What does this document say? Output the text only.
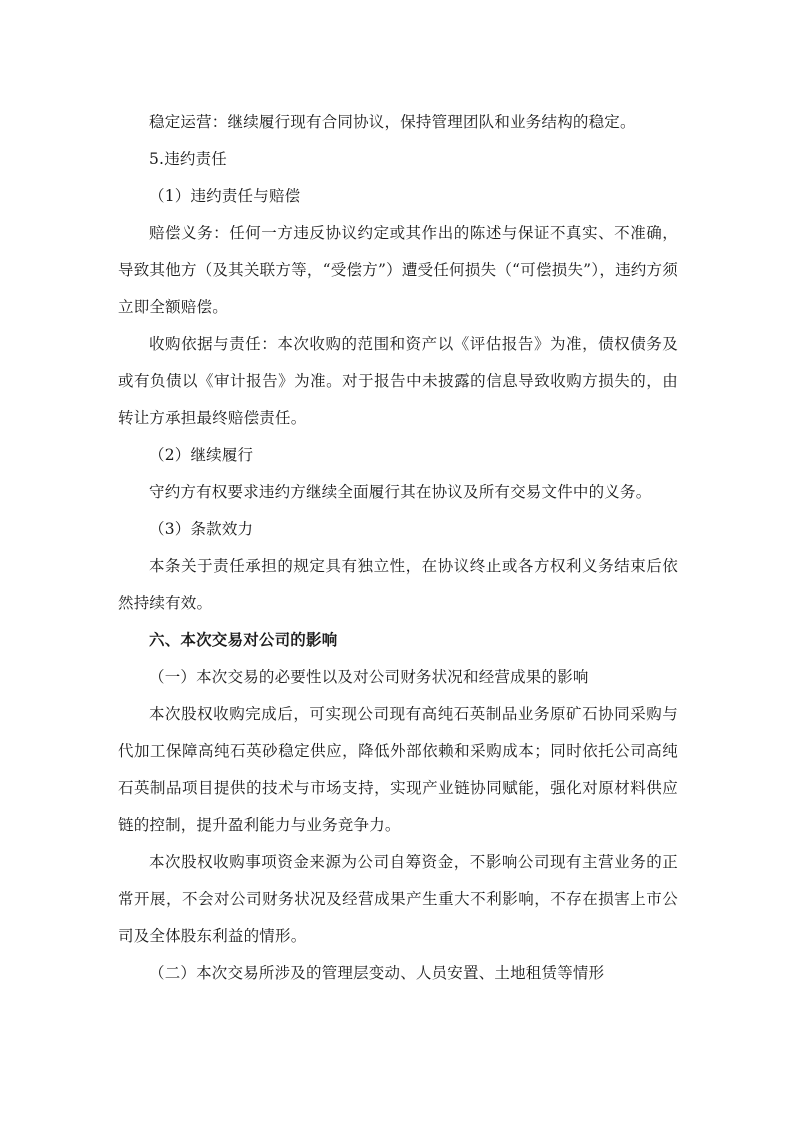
稳定运营：继续履行现有合同协议，保持管理团队和业务结构的稳定。

5.违约责任

（1）违约责任与赔偿

赔偿义务：任何一方违反协议约定或其作出的陈述与保证不真实、不准确，导致其他方（及其关联方等，“受偿方”）遭受任何损失（“可偿损失”），违约方须立即全额赔偿。

收购依据与责任：本次收购的范围和资产以《评估报告》为准，债权债务及或有负债以《审计报告》为准。对于报告中未披露的信息导致收购方损失的，由转让方承担最终赔偿责任。

（2）继续履行

守约方有权要求违约方继续全面履行其在协议及所有交易文件中的义务。

（3）条款效力

本条关于责任承担的规定具有独立性，在协议终止或各方权利义务结束后依然持续有效。

六、本次交易对公司的影响

（一）本次交易的必要性以及对公司财务状况和经营成果的影响

本次股权收购完成后，可实现公司现有高纯石英制品业务原矿石协同采购与代加工保障高纯石英砂稳定供应，降低外部依赖和采购成本；同时依托公司高纯石英制品项目提供的技术与市场支持，实现产业链协同赋能，强化对原材料供应链的控制，提升盈利能力与业务竞争力。

本次股权收购事项资金来源为公司自筹资金，不影响公司现有主营业务的正常开展，不会对公司财务状况及经营成果产生重大不利影响，不存在损害上市公司及全体股东利益的情形。

（二）本次交易所涉及的管理层变动、人员安置、土地租赁等情形
